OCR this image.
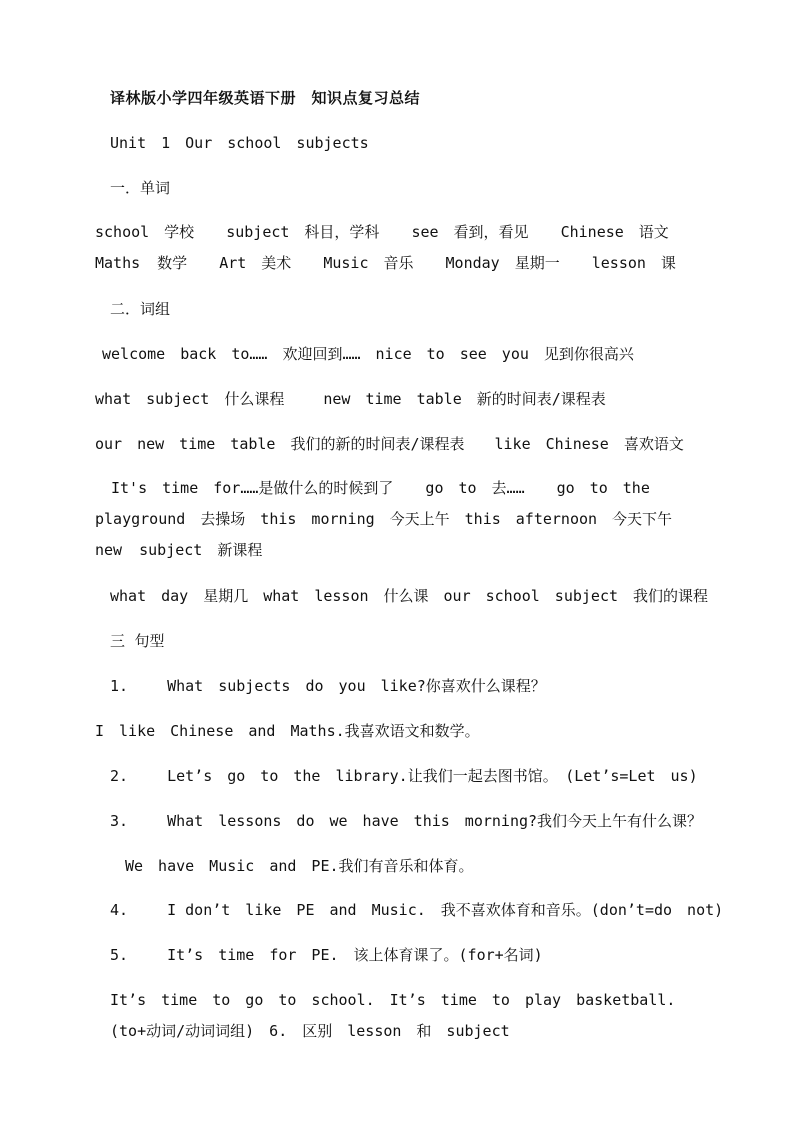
译林版小学四年级英语下册　知识点复习总结
Unit　1　Our　school　subjects
一．单词
school　学校　 subject　科目，学科　 see　看到，看见　 Chinese　语文　 Maths 数学　 Art　美术　 Music　音乐　 Monday　星期一　 lesson　课
二．词组
welcome　back　to……　欢迎回到……　nice　to　see　you　见到你很高兴
what　subject　什么课程　　 new　time　table　新的时间表/课程表
our　new　time　table　我们的新的时间表/课程表　　like　Chinese　喜欢语文
It's　time　for……是做什么的时候到了　 go　to　去……　 go　to　the playground　去操场　this　morning　今天上午　this　afternoon　今天下午　 new subject　新课程
what　day　星期几　what　lesson　什么课　our　school　subject　我们的课程
三  句型
1.　　 What　subjects　do　you　like?你喜欢什么课程？
I　like　Chinese　and　Maths.我喜欢语文和数学。
2.　　 Let’s　go　to　the　library.让我们一起去图书馆。　(Let’s=Let　us)
3.　　 What　lessons　do　we　have　this　morning?我们今天上午有什么课？
We　have　Music　and　PE.我们有音乐和体育。
4.　　 I don’t　like　PE　and　Music.　我不喜欢体育和音乐。(don’t=do　not)
5.　　 It’s　time　for　PE.　该上体育课了。(for+名词)
It’s　time　to　go　to　school.　It’s　time　to　play　basketball.　(to+动词/动词词组)　6.　区别　lesson　和　subject
